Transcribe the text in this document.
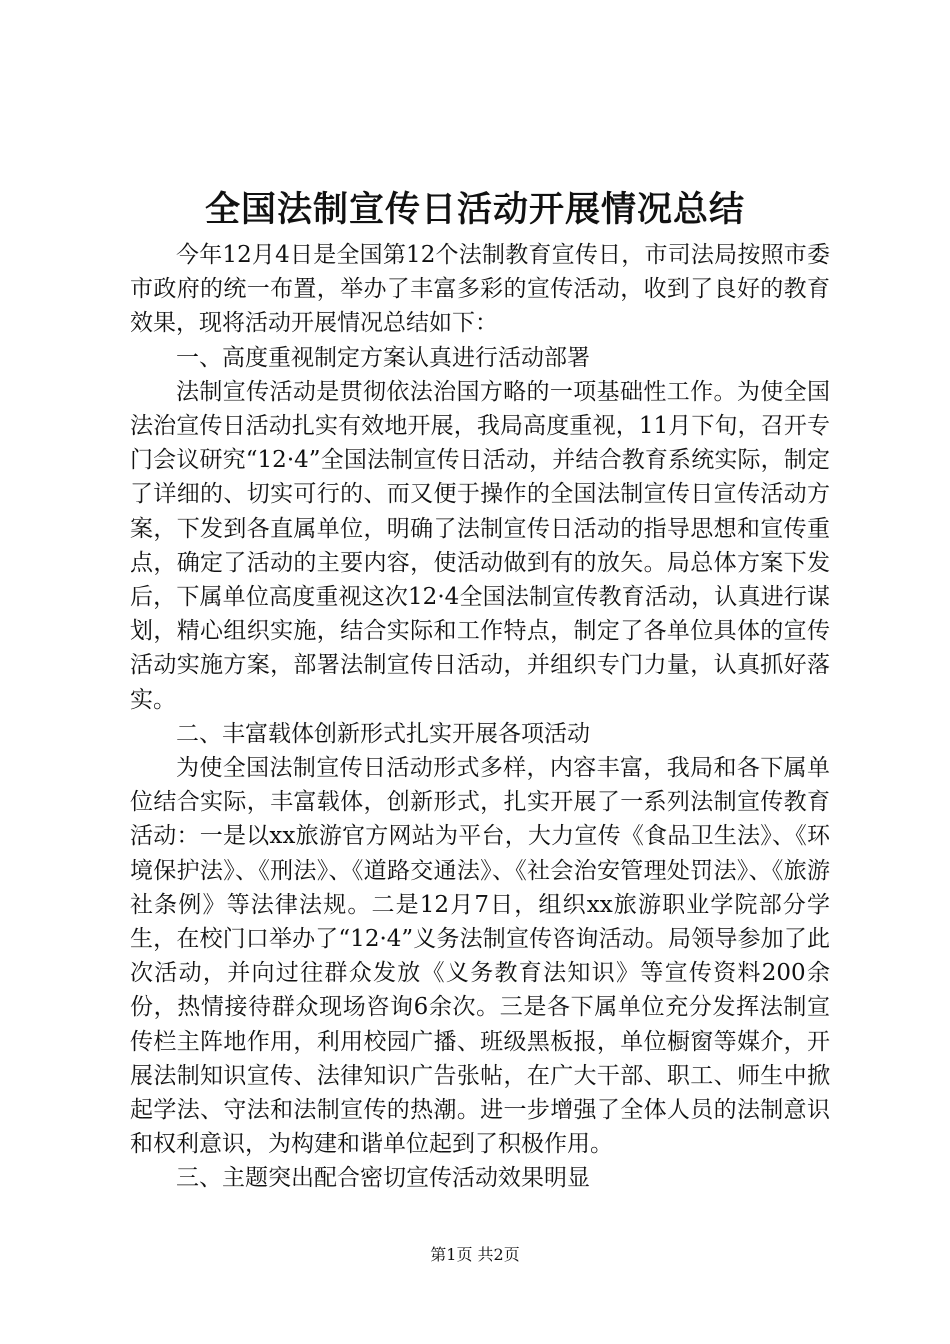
全国法制宣传日活动开展情况总结

今年12月4日是全国第12个法制教育宣传日，市司法局按照市委市政府的统一布置，举办了丰富多彩的宣传活动，收到了良好的教育效果，现将活动开展情况总结如下：

一、高度重视制定方案认真进行活动部署

法制宣传活动是贯彻依法治国方略的一项基础性工作。为使全国法治宣传日活动扎实有效地开展，我局高度重视，11月下旬，召开专门会议研究“12·4”全国法制宣传日活动，并结合教育系统实际，制定了详细的、切实可行的、而又便于操作的全国法制宣传日宣传活动方案，下发到各直属单位，明确了法制宣传日活动的指导思想和宣传重点，确定了活动的主要内容，使活动做到有的放矢。局总体方案下发后，下属单位高度重视这次12·4全国法制宣传教育活动，认真进行谋划，精心组织实施，结合实际和工作特点，制定了各单位具体的宣传活动实施方案，部署法制宣传日活动，并组织专门力量，认真抓好落实。

二、丰富载体创新形式扎实开展各项活动

为使全国法制宣传日活动形式多样，内容丰富，我局和各下属单位结合实际，丰富载体，创新形式，扎实开展了一系列法制宣传教育活动：一是以xx旅游官方网站为平台，大力宣传《食品卫生法》、《环境保护法》、《刑法》、《道路交通法》、《社会治安管理处罚法》、《旅游社条例》等法律法规。二是12月7日，组织xx旅游职业学院部分学生，在校门口举办了“12·4”义务法制宣传咨询活动。局领导参加了此次活动，并向过往群众发放《义务教育法知识》等宣传资料200余份，热情接待群众现场咨询6余次。三是各下属单位充分发挥法制宣传栏主阵地作用，利用校园广播、班级黑板报，单位橱窗等媒介，开展法制知识宣传、法律知识广告张帖，在广大干部、职工、师生中掀起学法、守法和法制宣传的热潮。进一步增强了全体人员的法制意识和权利意识，为构建和谐单位起到了积极作用。

三、主题突出配合密切宣传活动效果明显

第1页 共2页
